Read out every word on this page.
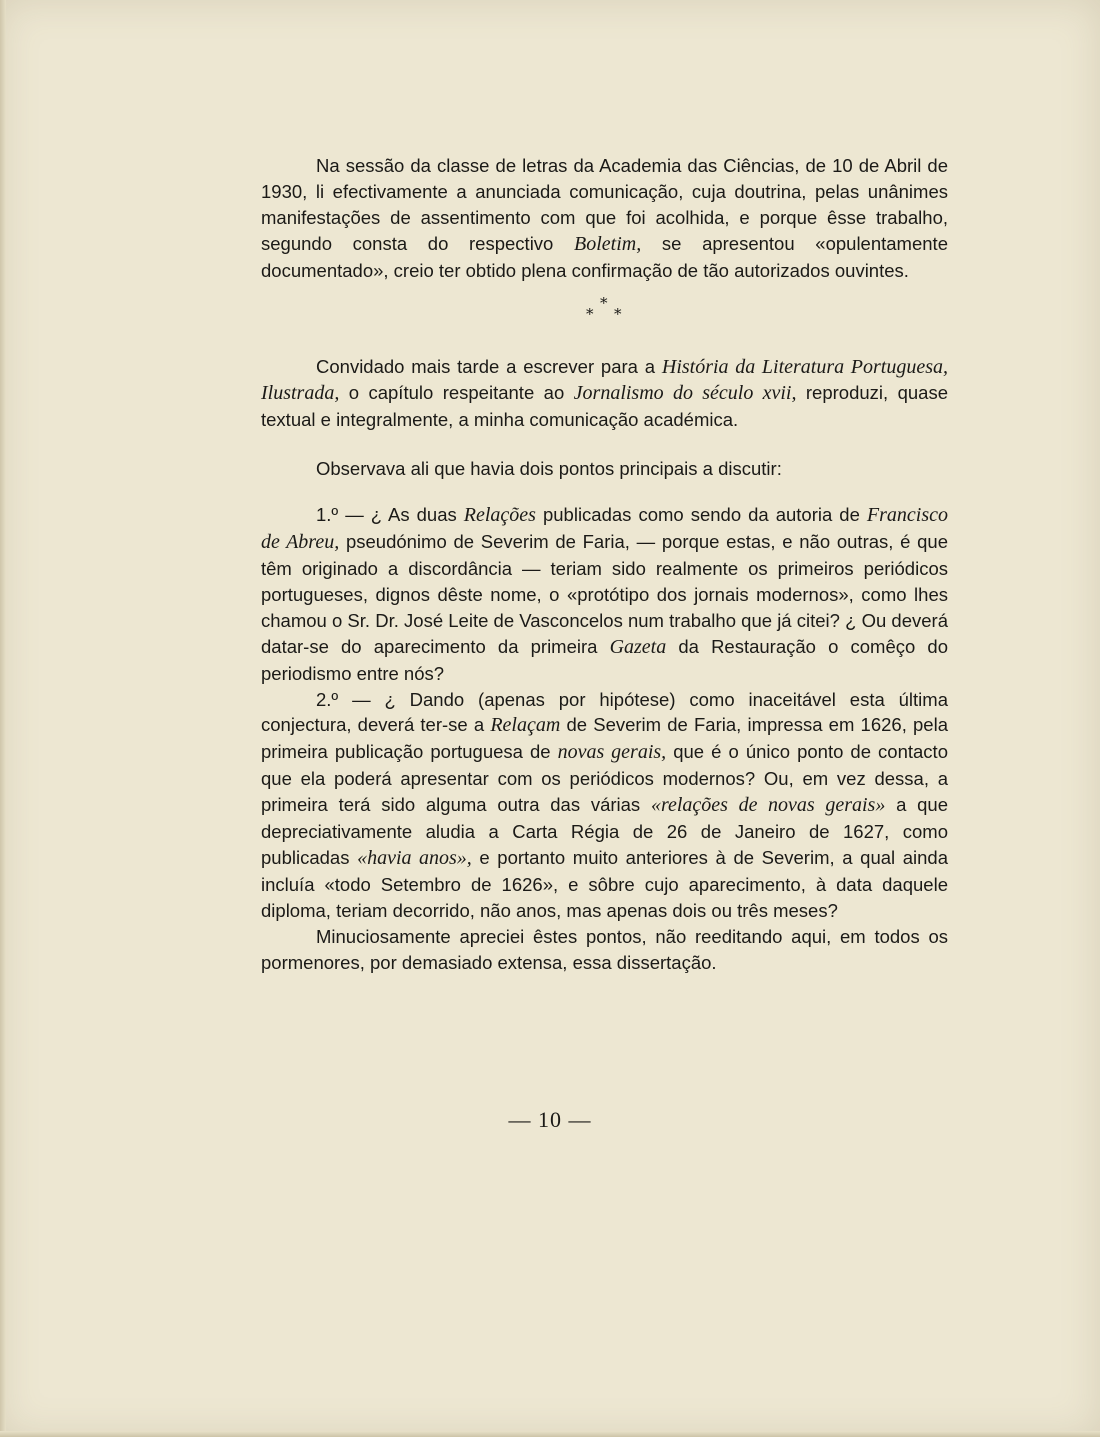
Na sessão da classe de letras da Academia das Ciências, de 10 de Abril de 1930, li efectivamente a anunciada comunicação, cuja doutrina, pelas unânimes manifestações de assentimento com que foi acolhida, e porque êsse trabalho, segundo consta do respectivo Boletim, se apresentou «opulentamente documentado», creio ter obtido plena confirmação de tão autorizados ouvintes.

*
* *

Convidado mais tarde a escrever para a História da Literatura Portuguesa, Ilustrada, o capítulo respeitante ao Jornalismo do século xvii, reproduzi, quase textual e integralmente, a minha comunicação académica.

Observava ali que havia dois pontos principais a discutir:

1.º — ¿ As duas Relações publicadas como sendo da autoria de Francisco de Abreu, pseudónimo de Severim de Faria, — porque estas, e não outras, é que têm originado a discordância — teriam sido realmente os primeiros periódicos portugueses, dignos dêste nome, o «protótipo dos jornais modernos», como lhes chamou o Sr. Dr. José Leite de Vasconcelos num trabalho que já citei? ¿ Ou deverá datar-se do aparecimento da primeira Gazeta da Restauração o comêço do periodismo entre nós?

2.º — ¿ Dando (apenas por hipótese) como inaceitável esta última conjectura, deverá ter-se a Relaçam de Severim de Faria, impressa em 1626, pela primeira publicação portuguesa de novas gerais, que é o único ponto de contacto que ela poderá apresentar com os periódicos modernos? Ou, em vez dessa, a primeira terá sido alguma outra das várias «relações de novas gerais» a que depreciativamente aludia a Carta Régia de 26 de Janeiro de 1627, como publicadas «havia anos», e portanto muito anteriores à de Severim, a qual ainda incluía «todo Setembro de 1626», e sôbre cujo aparecimento, à data daquele diploma, teriam decorrido, não anos, mas apenas dois ou três meses?

Minuciosamente apreciei êstes pontos, não reeditando aqui, em todos os pormenores, por demasiado extensa, essa dissertação.

— 10 —
